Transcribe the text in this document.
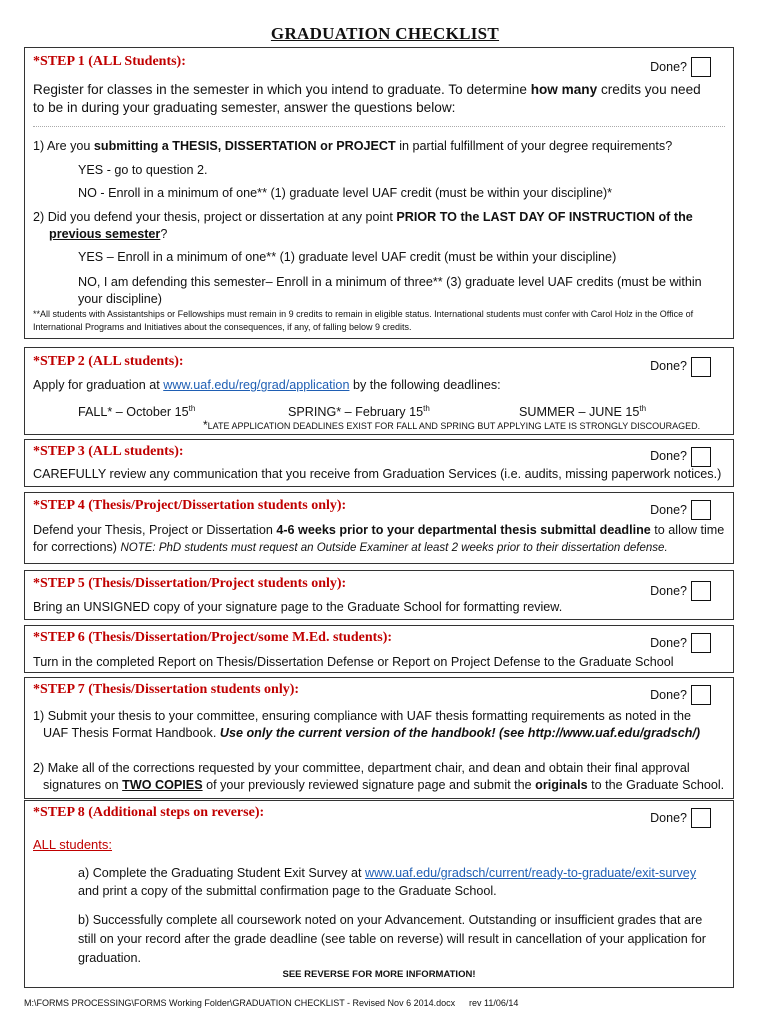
GRADUATION CHECKLIST
*STEP 1 (ALL Students):	Done?
Register for classes in the semester in which you intend to graduate. To determine how many credits you need
to be in during your graduating semester, answer the questions below:
1) Are you submitting a THESIS, DISSERTATION or PROJECT in partial fulfillment of your degree requirements?
YES - go to question 2.
NO - Enroll in a minimum of one** (1) graduate level UAF credit (must be within your discipline)*
2) Did you defend your thesis, project or dissertation at any point PRIOR TO the LAST DAY OF INSTRUCTION of the
previous semester?
YES – Enroll in a minimum of one** (1) graduate level UAF credit (must be within your discipline)
NO, I am defending this semester– Enroll in a minimum of three** (3) graduate level UAF credits (must be within
your discipline)
**All students with Assistantships or Fellowships must remain in 9 credits to remain in eligible status. International students must confer with Carol Holz in the Office of
International Programs and Initiatives about the consequences, if any, of falling below 9 credits.
*STEP 2 (ALL students):	Done?
Apply for graduation at www.uaf.edu/reg/grad/application by the following deadlines:
FALL* – October 15th	SPRING* – February 15th	SUMMER – JUNE 15th
*LATE APPLICATION DEADLINES EXIST FOR FALL AND SPRING BUT APPLYING LATE IS STRONGLY DISCOURAGED.
*STEP 3 (ALL students):	Done?
CAREFULLY review any communication that you receive from Graduation Services (i.e. audits, missing paperwork notices.)
*STEP 4 (Thesis/Project/Dissertation students only):	Done?
Defend your Thesis, Project or Dissertation 4-6 weeks prior to your departmental thesis submittal deadline to allow time
for corrections) NOTE: PhD students must request an Outside Examiner at least 2 weeks prior to their dissertation defense.
*STEP 5 (Thesis/Dissertation/Project students only):	Done?
Bring an UNSIGNED copy of your signature page to the Graduate School for formatting review.
*STEP 6 (Thesis/Dissertation/Project/some M.Ed. students):	Done?
Turn in the completed Report on Thesis/Dissertation Defense or Report on Project Defense to the Graduate School
*STEP 7 (Thesis/Dissertation students only):	Done?
1) Submit your thesis to your committee, ensuring compliance with UAF thesis formatting requirements as noted in the
UAF Thesis Format Handbook. Use only the current version of the handbook! (see http://www.uaf.edu/gradsch/)
2) Make all of the corrections requested by your committee, department chair, and dean and obtain their final approval
signatures on TWO COPIES of your previously reviewed signature page and submit the originals to the Graduate School.
*STEP 8 (Additional steps on reverse):	Done?
ALL students:
a) Complete the Graduating Student Exit Survey at www.uaf.edu/gradsch/current/ready-to-graduate/exit-survey
and print a copy of the submittal confirmation page to the Graduate School.
b) Successfully complete all coursework noted on your Advancement. Outstanding or insufficient grades that are
still on your record after the grade deadline (see table on reverse) will result in cancellation of your application for
graduation.
SEE REVERSE FOR MORE INFORMATION!
M:\FORMS PROCESSING\FORMS Working Folder\GRADUATION CHECKLIST - Revised Nov 6 2014.docx rev 11/06/14
